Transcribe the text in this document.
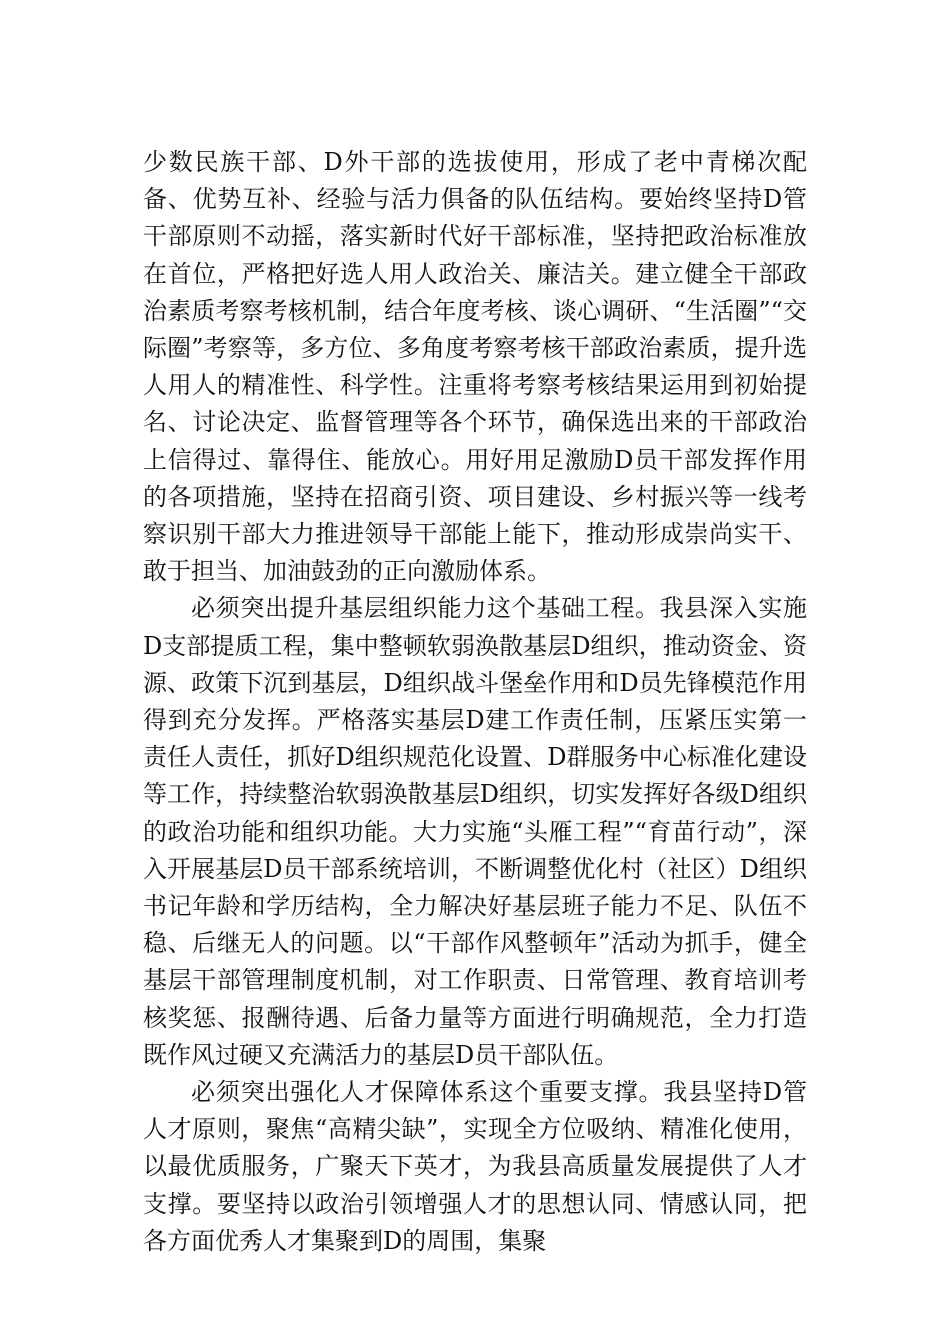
少数民族干部、D外干部的选拔使用，形成了老中青梯次配备、优势互补、经验与活力俱备的队伍结构。要始终坚持D管干部原则不动摇，落实新时代好干部标准，坚持把政治标准放在首位，严格把好选人用人政治关、廉洁关。建立健全干部政治素质考察考核机制，结合年度考核、谈心调研、“生活圈”“交际圈”考察等，多方位、多角度考察考核干部政治素质，提升选人用人的精准性、科学性。注重将考察考核结果运用到初始提名、讨论决定、监督管理等各个环节，确保选出来的干部政治上信得过、靠得住、能放心。用好用足激励D员干部发挥作用的各项措施，坚持在招商引资、项目建设、乡村振兴等一线考察识别干部大力推进领导干部能上能下，推动形成崇尚实干、敢于担当、加油鼓劲的正向激励体系。

必须突出提升基层组织能力这个基础工程。我县深入实施D支部提质工程，集中整顿软弱涣散基层D组织，推动资金、资源、政策下沉到基层，D组织战斗堡垒作用和D员先锋模范作用得到充分发挥。严格落实基层D建工作责任制，压紧压实第一责任人责任，抓好D组织规范化设置、D群服务中心标准化建设等工作，持续整治软弱涣散基层D组织，切实发挥好各级D组织的政治功能和组织功能。大力实施“头雁工程”“育苗行动”，深入开展基层D员干部系统培训，不断调整优化村（社区）D组织书记年龄和学历结构，全力解决好基层班子能力不足、队伍不稳、后继无人的问题。以“干部作风整顿年”活动为抓手，健全基层干部管理制度机制，对工作职责、日常管理、教育培训考核奖惩、报酬待遇、后备力量等方面进行明确规范，全力打造既作风过硬又充满活力的基层D员干部队伍。

必须突出强化人才保障体系这个重要支撑。我县坚持D管人才原则，聚焦“高精尖缺”，实现全方位吸纳、精准化使用，以最优质服务，广聚天下英才，为我县高质量发展提供了人才支撑。要坚持以政治引领增强人才的思想认同、情感认同，把各方面优秀人才集聚到D的周围，集聚
